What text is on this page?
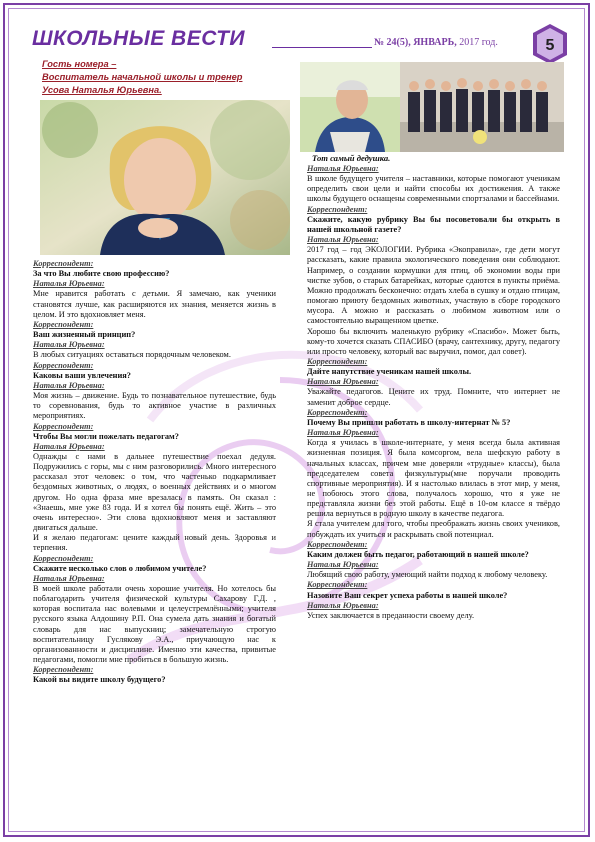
ШКОЛЬНЫЕ ВЕСТИ	№ 24(5), ЯНВАРЬ, 2017 год.	5
Гость номера –
Воспитатель начальной школы и тренер
Усова Наталья Юрьевна.
Тот самый дедушка.

Корреспондент:

За что Вы любите свою профессию?

Наталья Юрьевна:

Мне нравится работать с детьми. Я замечаю, как ученики становятся лучше, как расширяются их знания, меняется жизнь в целом. И это вдохновляет меня.

Корреспондент:

Ваш жизненный принцип?

Наталья Юрьевна:

В любых ситуациях оставаться порядочным человеком.

Корреспондент:

Каковы ваши увлечения?

Наталья Юрьевна:

Моя жизнь – движение. Будь то познавательное путешествие, будь то соревнования, будь то активное участие в различных мероприятиях.

Корреспондент:

Чтобы Вы могли пожелать педагогам?

Наталья Юрьевна:

Однажды с нами в дальнее путешествие поехал дедуля. Подружились с горы, мы с ним разговорились. Много интересного рассказал этот человек: о том, что частенько подкармливает бездомных животных, о людях, о военных действиях и о многом другом. Но одна фраза мне врезалась в память. Он сказал : «Знаешь, мне уже 83 года. И я хотел бы понять ещё. Жить – это очень интересно». Эти слова вдохновляют меня и заставляют двигаться дальше.

И я желаю педагогам: цените каждый новый день. Здоровья и терпения.

Корреспондент:

Скажите несколько слов о любимом учителе?

Наталья Юрьевна:

В моей школе работали очень хорошие учителя. Но хотелось бы поблагодарить учителя физической культуры Сахарову Г.Д. , которая воспитала нас волевыми и целеустремлёнными; учителя русского языка Алдошину Р.П. Она сумела дать знания и богатый словарь для нас выпускниц; замечательную строгую воспитательницу Гуслякову Э.А., приучающую нас к организованности и дисциплине. Именно эти качества, привитые педагогами, помогли мне пробиться в большую жизнь.

Корреспондент:

Какой вы видите школу будущего?

Наталья Юрьевна:

В школе будущего учителя – наставники, которые помогают ученикам определить свои цели и найти способы их достижения. А также школы будущего оснащены современными спортзалами и бассейнами.

Корреспондент:

Скажите, какую рубрику Вы бы посоветовали бы открыть в нашей школьной газете?

Наталья Юрьевна:

2017 год – год ЭКОЛОГИИ. Рубрика «Экоправила», где дети могут рассказать, какие правила экологического поведения они соблюдают. Например, о создании кормушки для птиц, об экономии воды при чистке зубов, о старых батарейках, которые сдаются в пункты приёма. Можно продолжать бесконечно: отдать хлеба в сушку и отдаю птицам, помогаю приюту бездомных животных, участвую в сборе городского мусора. А можно и рассказать о любимом животном или о самостоятельно выращенном цветке.

Хорошо бы включить маленькую рубрику «Спасибо». Может быть, кому-то хочется сказать СПАСИБО (врачу, сантехнику, другу, педагогу или просто человеку, который вас выручил, помог, дал совет).

Корреспондент:

Дайте напутствие ученикам нашей школы.

Наталья Юрьевна:

Уважайте педагогов. Цените их труд. Помните, что интернет не заменит доброе сердце.

Корреспондент:

Почему Вы пришли работать в школу-интернат № 5?

Наталья Юрьевна:

Когда я училась в школе-интернате, у меня всегда была активная жизненная позиция. Я была комсоргом, вела шефскую работу в начальных классах, причем мне доверяли «трудные» классы), была председателем совета физкультуры(мне поручали проводить спортивные мероприятия). И я настолько влилась в этот мир, у меня, не побоюсь этого слова, получалось хорошо, что я уже не представляла жизни без этой работы. Ещё в 10-ом классе я твёрдо решила вернуться в родную школу в качестве педагога.

Я стала учителем для того, чтобы преображать жизнь своих учеников, побуждать их учиться и раскрывать свой потенциал.

Корреспондент:

Каким должен быть педагог, работающий в нашей школе?

Наталья Юрьевна:

Любящий свою работу, умеющий найти подход к любому человеку.

Корреспондент:

Назовите Ваш секрет успеха работы в нашей школе?

Наталья Юрьевна:

Успех заключается в преданности своему делу.
